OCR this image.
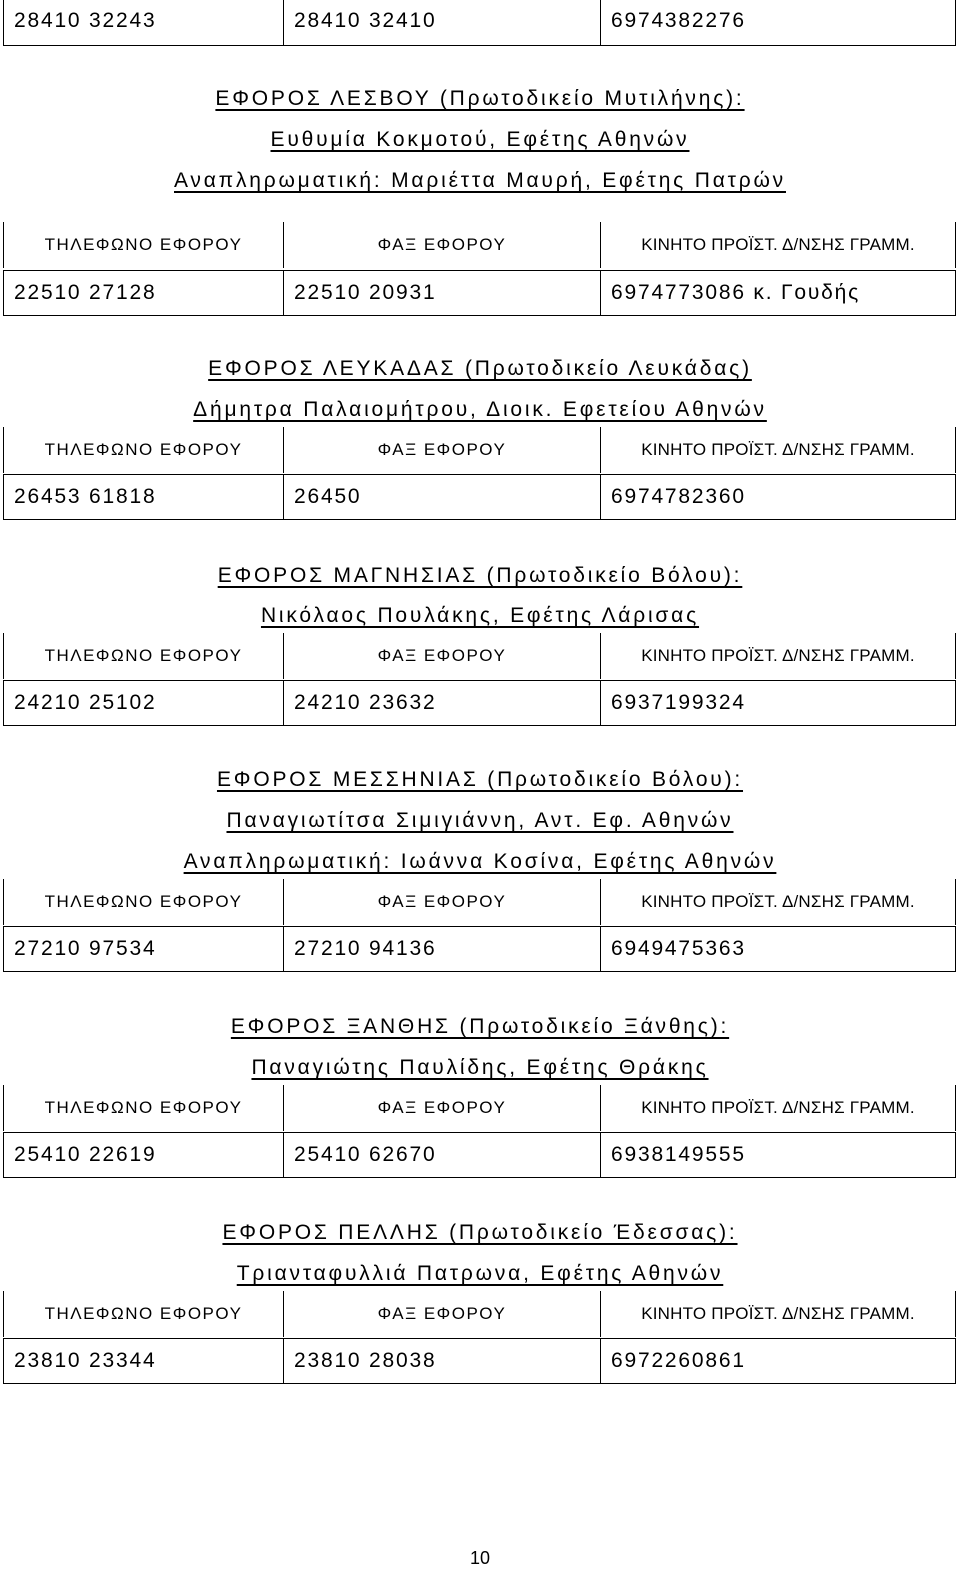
28410 32243	28410 32410	6974382276
ΕΦΟΡΟΣ ΛΕΣΒΟΥ (Πρωτοδικείο Μυτιλήνης):
Ευθυμία Κοκμοτού, Εφέτης Αθηνών
Αναπληρωματική: Μαριέττα Μαυρή, Εφέτης Πατρών
ΤΗΛΕΦΩΝΟ ΕΦΟΡΟΥ	ΦΑΞ ΕΦΟΡΟΥ	ΚΙΝΗΤΟ ΠΡΟΪΣΤ. Δ/ΝΣΗΣ ΓΡΑΜΜ.
22510 27128	22510 20931	6974773086 κ. Γουδής
ΕΦΟΡΟΣ ΛΕΥΚΑΔΑΣ (Πρωτοδικείο Λευκάδας)
Δήμητρα Παλαιομήτρου, Διοικ. Εφετείου Αθηνών
ΤΗΛΕΦΩΝΟ ΕΦΟΡΟΥ	ΦΑΞ ΕΦΟΡΟΥ	ΚΙΝΗΤΟ ΠΡΟΪΣΤ. Δ/ΝΣΗΣ ΓΡΑΜΜ.
26453 61818	26450	6974782360
ΕΦΟΡΟΣ ΜΑΓΝΗΣΙΑΣ (Πρωτοδικείο Βόλου):
Νικόλαος Πουλάκης, Εφέτης Λάρισας
ΤΗΛΕΦΩΝΟ ΕΦΟΡΟΥ	ΦΑΞ ΕΦΟΡΟΥ	ΚΙΝΗΤΟ ΠΡΟΪΣΤ. Δ/ΝΣΗΣ ΓΡΑΜΜ.
24210 25102	24210 23632	6937199324
ΕΦΟΡΟΣ ΜΕΣΣΗΝΙΑΣ (Πρωτοδικείο Βόλου):
Παναγιωτίτσα Σιμιγιάννη, Αντ. Εφ. Αθηνών
Αναπληρωματική: Ιωάννα Κοσίνα, Εφέτης Αθηνών
ΤΗΛΕΦΩΝΟ ΕΦΟΡΟΥ	ΦΑΞ ΕΦΟΡΟΥ	ΚΙΝΗΤΟ ΠΡΟΪΣΤ. Δ/ΝΣΗΣ ΓΡΑΜΜ.
27210 97534	27210 94136	6949475363
ΕΦΟΡΟΣ ΞΑΝΘΗΣ (Πρωτοδικείο Ξάνθης):
Παναγιώτης Παυλίδης, Εφέτης Θράκης
ΤΗΛΕΦΩΝΟ ΕΦΟΡΟΥ	ΦΑΞ ΕΦΟΡΟΥ	ΚΙΝΗΤΟ ΠΡΟΪΣΤ. Δ/ΝΣΗΣ ΓΡΑΜΜ.
25410 22619	25410 62670	6938149555
ΕΦΟΡΟΣ ΠΕΛΛΗΣ (Πρωτοδικείο Έδεσσας):
Τριανταφυλλιά Πατρωνα, Εφέτης Αθηνών
ΤΗΛΕΦΩΝΟ ΕΦΟΡΟΥ	ΦΑΞ ΕΦΟΡΟΥ	ΚΙΝΗΤΟ ΠΡΟΪΣΤ. Δ/ΝΣΗΣ ΓΡΑΜΜ.
23810 23344	23810 28038	6972260861
10
